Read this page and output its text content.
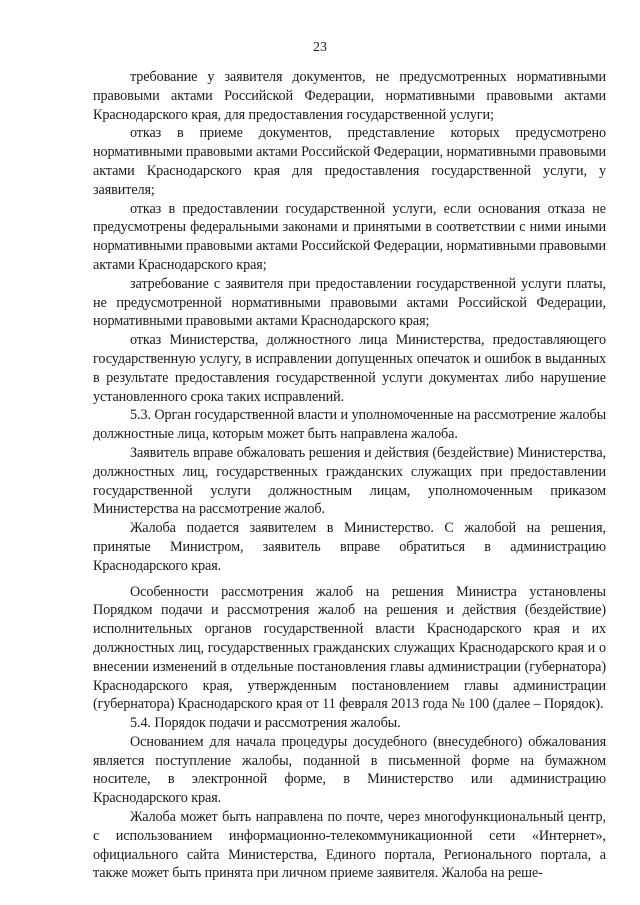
23

требование у заявителя документов, не предусмотренных нормативными правовыми актами Российской Федерации, нормативными правовыми актами Краснодарского края, для предоставления государственной услуги;

отказ в приеме документов, представление которых предусмотрено нормативными правовыми актами Российской Федерации, нормативными правовыми актами Краснодарского края для предоставления государственной услуги, у заявителя;

отказ в предоставлении государственной услуги, если основания отказа не предусмотрены федеральными законами и принятыми в соответствии с ними иными нормативными правовыми актами Российской Федерации, нормативными правовыми актами Краснодарского края;

затребование с заявителя при предоставлении государственной услуги платы, не предусмотренной нормативными правовыми актами Российской Федерации, нормативными правовыми актами Краснодарского края;

отказ Министерства, должностного лица Министерства, предоставляющего государственную услугу, в исправлении допущенных опечаток и ошибок в выданных в результате предоставления государственной услуги документах либо нарушение установленного срока таких исправлений.

5.3. Орган государственной власти и уполномоченные на рассмотрение жалобы должностные лица, которым может быть направлена жалоба.

Заявитель вправе обжаловать решения и действия (бездействие) Министерства, должностных лиц, государственных гражданских служащих при предоставлении государственной услуги должностным лицам, уполномоченным приказом Министерства на рассмотрение жалоб.

Жалоба подается заявителем в Министерство. С жалобой на решения, принятые Министром, заявитель вправе обратиться в администрацию Краснодарского края.

Особенности рассмотрения жалоб на решения Министра установлены Порядком подачи и рассмотрения жалоб на решения и действия (бездействие) исполнительных органов государственной власти Краснодарского края и их должностных лиц, государственных гражданских служащих Краснодарского края и о внесении изменений в отдельные постановления главы администрации (губернатора) Краснодарского края, утвержденным постановлением главы администрации (губернатора) Краснодарского края от 11 февраля 2013 года № 100 (далее – Порядок).

5.4. Порядок подачи и рассмотрения жалобы.

Основанием для начала процедуры досудебного (внесудебного) обжалования является поступление жалобы, поданной в письменной форме на бумажном носителе, в электронной форме, в Министерство или администрацию Краснодарского края.

Жалоба может быть направлена по почте, через многофункциональный центр, с использованием информационно-телекоммуникационной сети «Интернет», официального сайта Министерства, Единого портала, Регионального портала, а также может быть принята при личном приеме заявителя. Жалоба на реше-
